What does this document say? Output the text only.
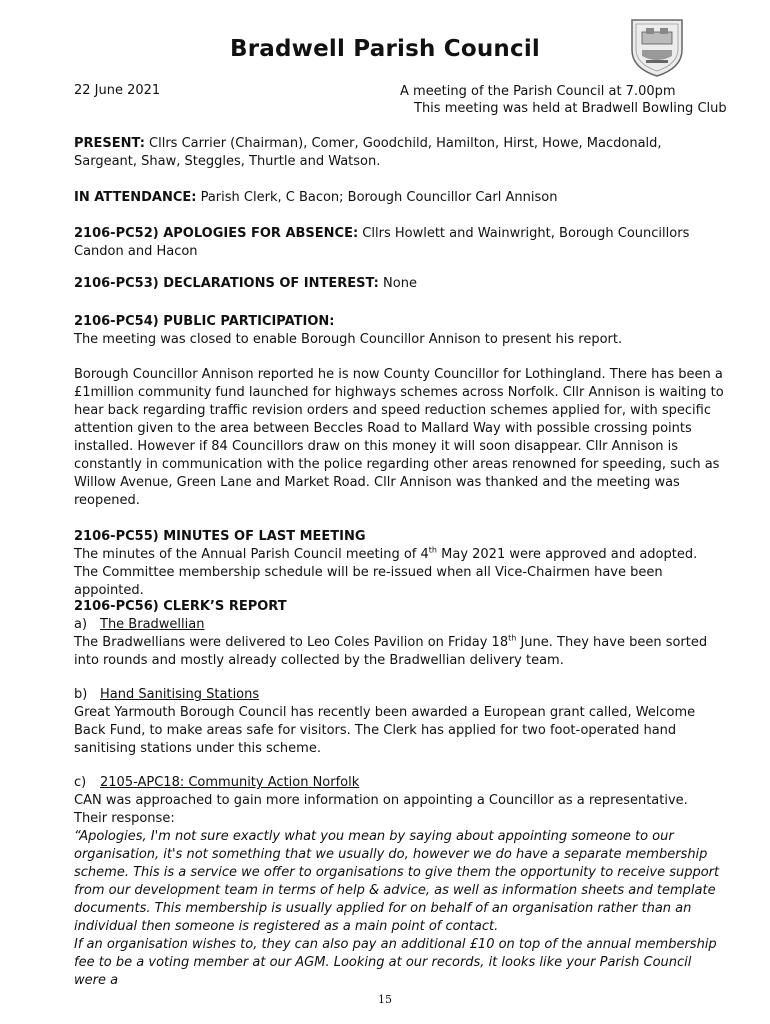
Bradwell Parish Council
22 June 2021	A meeting of the Parish Council at 7.00pm
This meeting was held at Bradwell Bowling Club
PRESENT: Cllrs Carrier (Chairman), Comer, Goodchild, Hamilton, Hirst, Howe, Macdonald, Sargeant, Shaw, Steggles, Thurtle and Watson.
IN ATTENDANCE: Parish Clerk, C Bacon; Borough Councillor Carl Annison
2106-PC52) APOLOGIES FOR ABSENCE: Cllrs Howlett and Wainwright, Borough Councillors Candon and Hacon
2106-PC53) DECLARATIONS OF INTEREST: None
2106-PC54) PUBLIC PARTICIPATION:
The meeting was closed to enable Borough Councillor Annison to present his report.
Borough Councillor Annison reported he is now County Councillor for Lothingland. There has been a £1million community fund launched for highways schemes across Norfolk. Cllr Annison is waiting to hear back regarding traffic revision orders and speed reduction schemes applied for, with specific attention given to the area between Beccles Road to Mallard Way with possible crossing points installed. However if 84 Councillors draw on this money it will soon disappear. Cllr Annison is constantly in communication with the police regarding other areas renowned for speeding, such as Willow Avenue, Green Lane and Market Road. Cllr Annison was thanked and the meeting was reopened.
2106-PC55) MINUTES OF LAST MEETING
The minutes of the Annual Parish Council meeting of 4th May 2021 were approved and adopted. The Committee membership schedule will be re-issued when all Vice-Chairmen have been appointed.
2106-PC56) CLERK’S REPORT
a) The Bradwellian
The Bradwellians were delivered to Leo Coles Pavilion on Friday 18th June. They have been sorted into rounds and mostly already collected by the Bradwellian delivery team.
b) Hand Sanitising Stations
Great Yarmouth Borough Council has recently been awarded a European grant called, Welcome Back Fund, to make areas safe for visitors. The Clerk has applied for two foot-operated hand sanitising stations under this scheme.
c) 2105-APC18: Community Action Norfolk
CAN was approached to gain more information on appointing a Councillor as a representative. Their response:
“Apologies, I'm not sure exactly what you mean by saying about appointing someone to our organisation, it's not something that we usually do, however we do have a separate membership scheme. This is a service we offer to organisations to give them the opportunity to receive support from our development team in terms of help & advice, as well as information sheets and template documents. This membership is usually applied for on behalf of an organisation rather than an individual then someone is registered as a main point of contact.
If an organisation wishes to, they can also pay an additional £10 on top of the annual membership fee to be a voting member at our AGM. Looking at our records, it looks like your Parish Council were a
15
